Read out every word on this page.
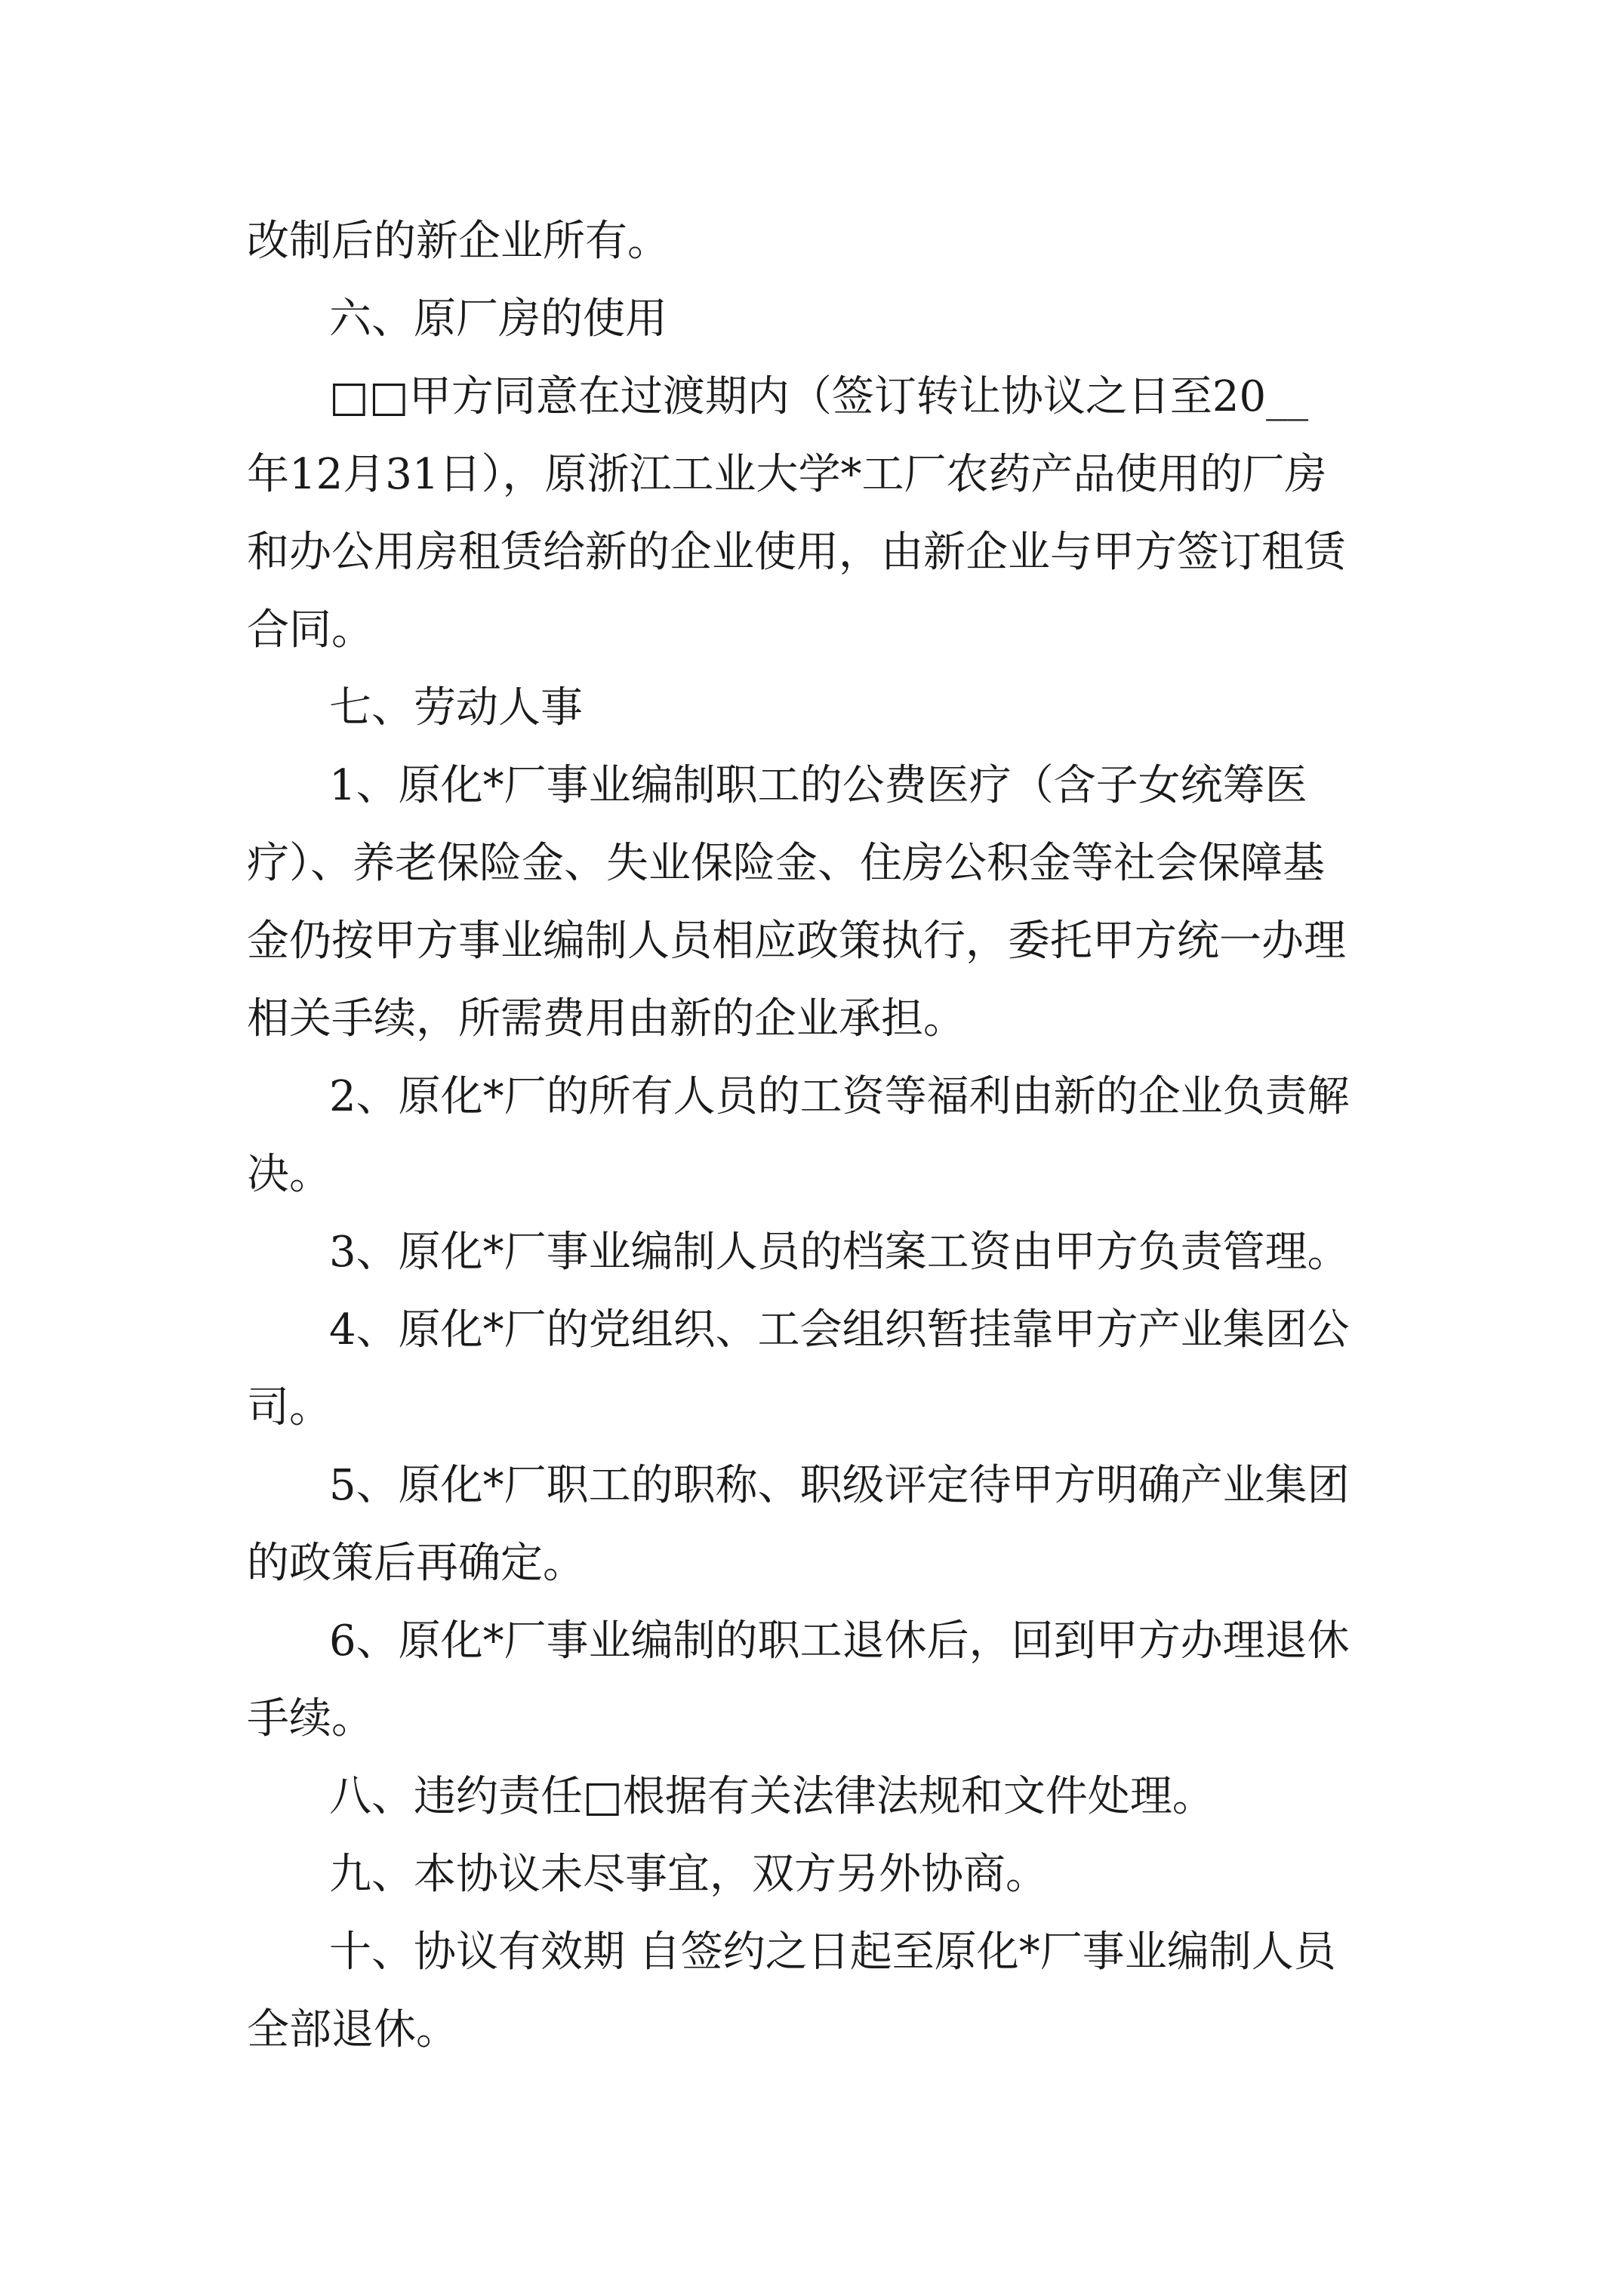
改制后的新企业所有。
六、原厂房的使用
□□甲方同意在过渡期内（签订转让协议之日至20__
年12月31日），原浙江工业大学*工厂农药产品使用的厂房
和办公用房租赁给新的企业使用，由新企业与甲方签订租赁
合同。
七、劳动人事
1、原化*厂事业编制职工的公费医疗（含子女统筹医
疗）、养老保险金、失业保险金、住房公积金等社会保障基
金仍按甲方事业编制人员相应政策执行，委托甲方统一办理
相关手续，所需费用由新的企业承担。
2、原化*厂的所有人员的工资等福利由新的企业负责解
决。
3、原化*厂事业编制人员的档案工资由甲方负责管理。
4、原化*厂的党组织、工会组织暂挂靠甲方产业集团公
司。
5、原化*厂职工的职称、职级评定待甲方明确产业集团
的政策后再确定。
6、原化*厂事业编制的职工退休后，回到甲方办理退休
手续。
八、违约责任□根据有关法律法规和文件处理。
九、本协议未尽事宜，双方另外协商。
十、协议有效期 自签约之日起至原化*厂事业编制人员
全部退休。
